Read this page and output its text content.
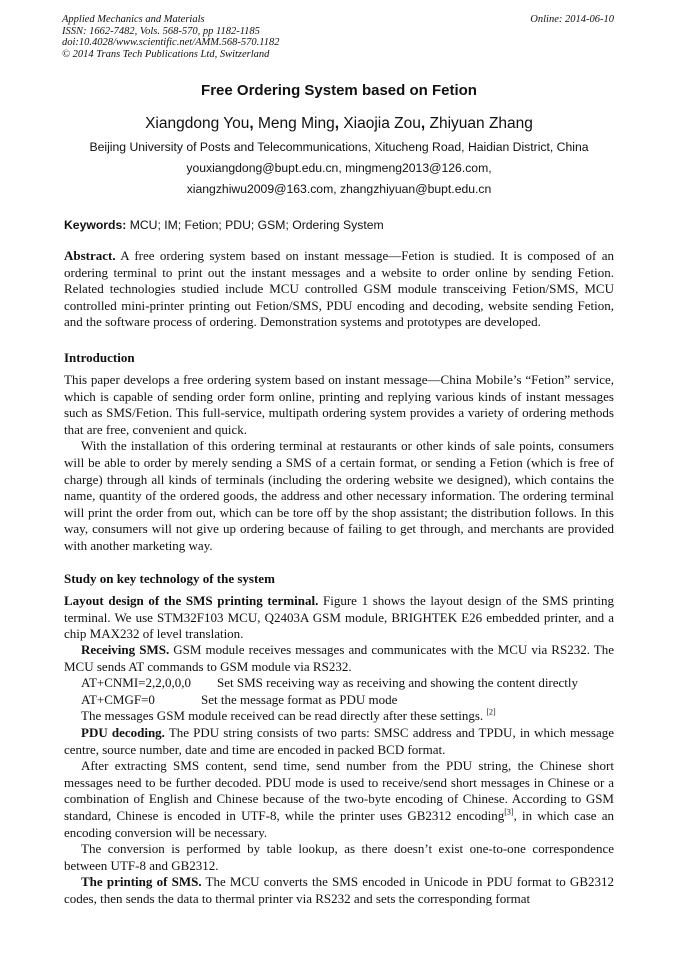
Applied Mechanics and Materials
ISSN: 1662-7482, Vols. 568-570, pp 1182-1185
doi:10.4028/www.scientific.net/AMM.568-570.1182
© 2014 Trans Tech Publications Ltd, Switzerland
Online: 2014-06-10
Free Ordering System based on Fetion
Xiangdong You, Meng Ming, Xiaojia Zou, Zhiyuan Zhang
Beijing University of Posts and Telecommunications, Xitucheng Road, Haidian District, China
youxiangdong@bupt.edu.cn, mingmeng2013@126.com,
xiangzhiwu2009@163.com, zhangzhiyuan@bupt.edu.cn
Keywords: MCU; IM; Fetion; PDU; GSM; Ordering System

Abstract. A free ordering system based on instant message—Fetion is studied. It is composed of an ordering terminal to print out the instant messages and a website to order online by sending Fetion. Related technologies studied include MCU controlled GSM module transceiving Fetion/SMS, MCU controlled mini-printer printing out Fetion/SMS, PDU encoding and decoding, website sending Fetion, and the software process of ordering. Demonstration systems and prototypes are developed.

Introduction

This paper develops a free ordering system based on instant message—China Mobile’s “Fetion” service, which is capable of sending order form online, printing and replying various kinds of instant messages such as SMS/Fetion. This full-service, multipath ordering system provides a variety of ordering methods that are free, convenient and quick.

With the installation of this ordering terminal at restaurants or other kinds of sale points, consumers will be able to order by merely sending a SMS of a certain format, or sending a Fetion (which is free of charge) through all kinds of terminals (including the ordering website we designed), which contains the name, quantity of the ordered goods, the address and other necessary information. The ordering terminal will print the order from out, which can be tore off by the shop assistant; the distribution follows. In this way, consumers will not give up ordering because of failing to get through, and merchants are provided with another marketing way.

Study on key technology of the system

Layout design of the SMS printing terminal. Figure 1 shows the layout design of the SMS printing terminal. We use STM32F103 MCU, Q2403A GSM module, BRIGHTEK E26 embedded printer, and a chip MAX232 of level translation.

Receiving SMS. GSM module receives messages and communicates with the MCU via RS232. The MCU sends AT commands to GSM module via RS232.

AT+CNMI=2,2,0,0,0 Set SMS receiving way as receiving and showing the content directly
AT+CMGF=0	Set the message format as PDU mode
The messages GSM module received can be read directly after these settings. [2]

PDU decoding. The PDU string consists of two parts: SMSC address and TPDU, in which message centre, source number, date and time are encoded in packed BCD format.

After extracting SMS content, send time, send number from the PDU string, the Chinese short messages need to be further decoded. PDU mode is used to receive/send short messages in Chinese or a combination of English and Chinese because of the two-byte encoding of Chinese. According to GSM standard, Chinese is encoded in UTF-8, while the printer uses GB2312 encoding[3], in which case an encoding conversion will be necessary.

The conversion is performed by table lookup, as there doesn’t exist one-to-one correspondence between UTF-8 and GB2312.

The printing of SMS. The MCU converts the SMS encoded in Unicode in PDU format to GB2312 codes, then sends the data to thermal printer via RS232 and sets the corresponding format
